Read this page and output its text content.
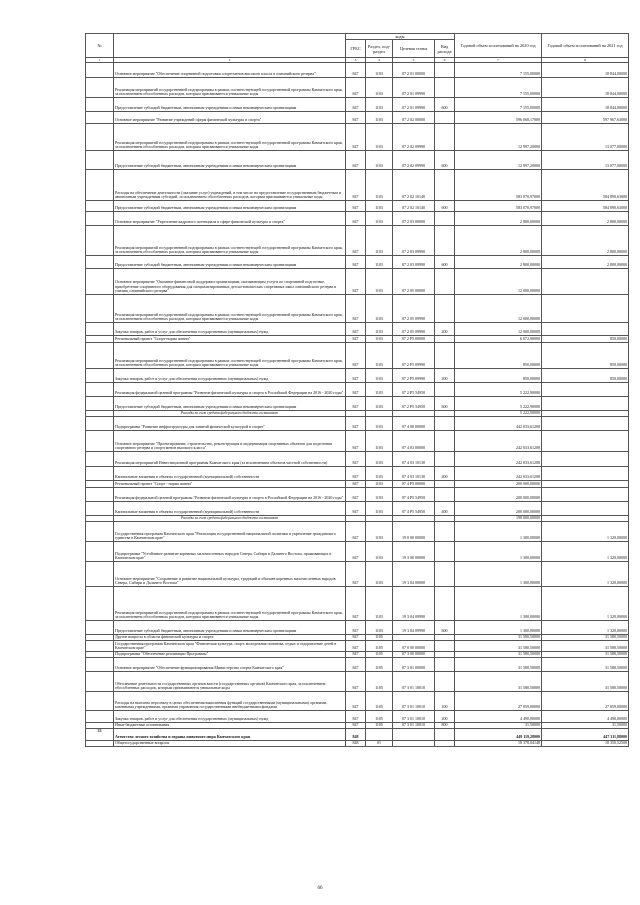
№		коды				Годовой объем ассигнований на 2020 год	Годовой объем ассигнований на 2021 год
		ГРБС	Раздел, под-раздел	Целевая статья	Вид расхода		
1	2	3	4	5	6	7	8
	Основное мероприятие "Обеспечение спортивной подготовки спортсменов высокого класса в олимпийского резерва"	847	1103	07 2 01 00000		7 155,00000	18 844,00000
	Реализация мероприятий государственной подпрограммы в рамках соответствующей государственной программы Камчатского края, за исключением обособленных расходов, которым присваиваются уникальные коды	847	1103	07 2 01 09990		7 155,00000	18 844,00000
	Предоставление субсидий бюджетным, автономным учреждениям и иным некоммерческим организациям	847	1103	07 2 01 09990	600	7 155,00000	18 844,00000
	Основное мероприятие "Развитие учреждений сферы физической культуры и спорта"	847	1103	07 2 02 00000		596 068,17000	597 967,63000
	Реализация мероприятий государственной подпрограммы в рамках соответствующей государственной программы Камчатского края, за исключением обособленных расходов, которым присваиваются уникальные коды	847	1103	07 2 02 09990		12 997,20000	13 077,00000
	Предоставление субсидий бюджетным, автономным учреждениям и иным некоммерческим организациям	847	1103	07 2 02 09990	600	12 997,20000	13 077,00000
	Расходы на обеспечение деятельности (оказание услуг) учреждений, в том числе на предоставление государственным бюджетным и автономным учреждениям субсидий, за исключением обособленных расходов, которым присваиваются уникальные коды	847	1103	07 2 02 10140		583 070,97000	584 890,63000
	Предоставление субсидий бюджетным, автономным учреждениям и иным некоммерческим организациям	847	1103	07 2 02 10140	600	583 070,97000	584 890,63000
	Основное мероприятие "Укрепление кадрового потенциала в сфере физической культуры и спорта"	847	1103	07 2 03 00000		2 800,00000	2 800,00000
	Реализация мероприятий государственной подпрограммы в рамках соответствующей государственной программы Камчатского края, за исключением обособленных расходов, которым присваиваются уникальные коды	847	1103	07 2 03 09990		2 800,00000	2 800,00000
	Предоставление субсидий бюджетным, автономным учреждениям и иным некоммерческим организациям	847	1103	07 2 03 09990	600	2 800,00000	2 800,00000
	Основное мероприятие "Оказание финансовой поддержки организациям, оказывающим услуги по спортивной подготовке, приобретение спортивного оборудования для специализированных детско-юношеских спортивных школ олимпийского резерва и училищ олимпийского резерва"	847	1103	07 2 05 00000		12 000,00000	
	Реализация мероприятий государственной подпрограммы в рамках соответствующей государственной программы Камчатского края, за исключением обособленных расходов, которым присваиваются уникальные коды	847	1103	07 2 05 09990		12 000,00000	
	Закупка товаров, работ и услуг для обеспечения государственных (муниципальных) нужд	847	1103	07 2 05 09990	200	12 000,00000	
	Региональный проект "Спорт-норма жизни"	847	1103	07 2 P5 00000		6 072,90000	850,00000
	Реализация мероприятий государственной подпрограммы в рамках соответствующей государственной программы Камчатского края, за исключением обособленных расходов, которым присваиваются уникальные коды	847	1103	07 2 P5 09990		850,00000	850,00000
	Закупка товаров, работ и услуг для обеспечения государственных (муниципальных) нужд	847	1103	07 2 P5 09990	200	850,00000	850,00000
	Реализация федеральной целевой программы "Развитие физической культуры и спорта в Российской Федерации на 2016 - 2020 годы"	847	1103	07 2 P5 54950		5 222,90000	
	Предоставление субсидий бюджетным, автономным учреждениям и иным некоммерческим организациям	847	1103	07 2 P5 54950	600	5 222,90000	
	Расходы за счет средств федерального бюджета составляют					5 222,90000	
	Подпрограмма "Развитие инфраструктуры для занятий физической культурой в спорте"	847	1103	07 4 00 00000		442 033,61208	
	Основное мероприятие "Проектирование, строительство, реконструкция и модернизация спортивных объектов для подготовки спортивного резерва и спортсменов высокого класса"	847	1103	07 4 03 00000		242 033,61208	
	Реализация мероприятий Инвестиционной программы Камчатского края (за исключением объектов частной собственности)	847	1103	07 4 03 10130		242 033,61208	
	Капитальные вложения в объекты государственной (муниципальной) собственности	847	1103	07 4 03 10130	400	242 033,61208	
	Региональный проект "Спорт - норма жизни"	847	1103	07 4 P5 00000		200 000,00000	
	Реализация федеральной целевой программы "Развитие физической культуры и спорта в Российской Федерации на 2016 - 2020 годы"	847	1103	07 4 P5 54950		200 000,00000	
	Капитальные вложения в объекты государственной (муниципальной) собственности	847	1103	07 4 P5 54950	400	200 000,00000	
	Расходы за счет средств федерального бюджета составляют					198 000,00000	
	Государственная программа Камчатского края "Реализация государственной национальной политики и укрепление гражданского единства в Камчатском крае"	847	1103	19 0 00 00000		1 300,00000	1 320,00000
	Подпрограмма "Устойчивое развитие коренных малочисленных народов Севера, Сибири и Дальнего Востока, проживающих в Камчатском крае"	847	1103	19 3 00 00000		1 300,00000	1 320,00000
	Основное мероприятие "Сохранение и развитие национальной культуры, традиций и обычаев коренных малочисленных народов Севера, Сибири и Дальнего Востока"	847	1103	19 3 04 00000		1 300,00000	1 320,00000
	Реализация мероприятий государственной подпрограммы в рамках соответствующей государственной программы Камчатского края, за исключением обособленных расходов, которым присваиваются уникальные коды	847	1103	19 3 04 09990		1 300,00000	1 320,00000
	Предоставление субсидий бюджетным, автономным учреждениям и иным некоммерческим организациям	847	1103	19 3 04 09990	600	1 300,00000	1 320,00000
	Другие вопросы в области физической культуры и спорта	847	1105			31 590,50000	31 580,50000
	Государственная программа Камчатского края "Физическая культура, спорт, молодежная политика, отдых и оздоровление детей в Камчатском крае"	847	1105	07 0 00 00000		31 580,50000	31 580,50000
	Подпрограмма "Обеспечение реализации Программы"	847	1105	07 3 00 00000		31 580,50000	31 580,50000
	Основное мероприятие "Обеспечение функционирования Министерства спорта Камчатского края"	847	1105	07 3 01 00000		31 580,50000	31 580,50000
	Обеспечение деятельности государственных органов власти (государственных органов) Камчатского края, за исключением обособленных расходов, которым присваиваются уникальные коды	847	1105	07 3 01 10010		31 580,50000	31 580,50000
	Расходы на выплаты персоналу в целях обеспечения выполнения функций государственными (муниципальными) органами, казенными учреждениями, органами управления государственными внебюджетными фондами	847	1105	07 3 01 10010	100	27 059,00000	27 059,00000
	Закупка товаров, работ и услуг для обеспечения государственных (муниципальных) нужд	847	1105	07 3 01 10010	200	4 490,00000	4 490,00000
	Иные бюджетные ассигнования	847	1105	07 3 01 10010	800	31,50000	31,50000
33	Агентство лесного хозяйства и охраны животного мира Камчатского края	848				449 119,28000	447 311,88000
	Общегосударственные вопросы	848	01			18 378,04148	18 350,52500
66
